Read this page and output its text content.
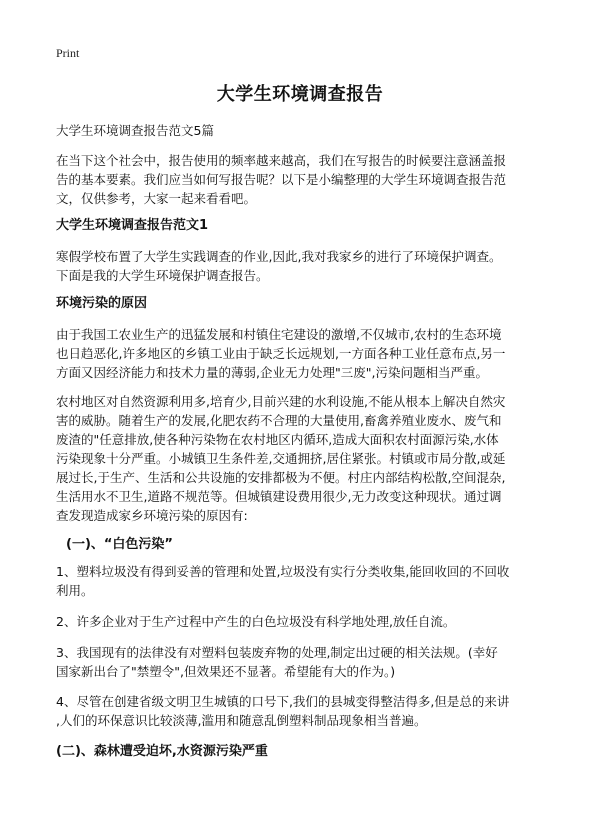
Print
大学生环境调查报告
大学生环境调查报告范文5篇
在当下这个社会中，报告使用的频率越来越高，我们在写报告的时候要注意涵盖报
告的基本要素。我们应当如何写报告呢？以下是小编整理的大学生环境调查报告范
文，仅供参考，大家一起来看看吧。
大学生环境调查报告范文1
寒假学校布置了大学生实践调查的作业,因此,我对我家乡的进行了环境保护调查。
下面是我的大学生环境保护调查报告。
环境污染的原因
由于我国工农业生产的迅猛发展和村镇住宅建设的激增,不仅城市,农村的生态环境
也日趋恶化,许多地区的乡镇工业由于缺乏长远规划,一方面各种工业任意布点,另一
方面又因经济能力和技术力量的薄弱,企业无力处理"三废",污染问题相当严重。
农村地区对自然资源利用多,培育少,目前兴建的水利设施,不能从根本上解决自然灾
害的威胁。随着生产的发展,化肥农药不合理的大量使用,畜禽养殖业废水、废气和
废渣的"任意排放,使各种污染物在农村地区内循环,造成大面积农村面源污染,水体
污染现象十分严重。小城镇卫生条件差,交通拥挤,居住紧张。村镇或市局分散,或延
展过长,于生产、生活和公共设施的安排都极为不便。村庄内部结构松散,空间混杂,
生活用水不卫生,道路不规范等。但城镇建设费用很少,无力改变这种现状。通过调
查发现造成家乡环境污染的原因有:
(一)、“白色污染”
1、塑料垃圾没有得到妥善的管理和处置,垃圾没有实行分类收集,能回收回的不回收
利用。
2、许多企业对于生产过程中产生的白色垃圾没有科学地处理,放任自流。
3、我国现有的法律没有对塑料包装废弃物的处理,制定出过硬的相关法规。(幸好
国家新出台了"禁塑令",但效果还不显著。希望能有大的作为。)
4、尽管在创建省级文明卫生城镇的口号下,我们的县城变得整洁得多,但是总的来讲
,人们的环保意识比较淡薄,滥用和随意乱倒塑料制品现象相当普遍。
(二)、森林遭受迫坏,水资源污染严重
